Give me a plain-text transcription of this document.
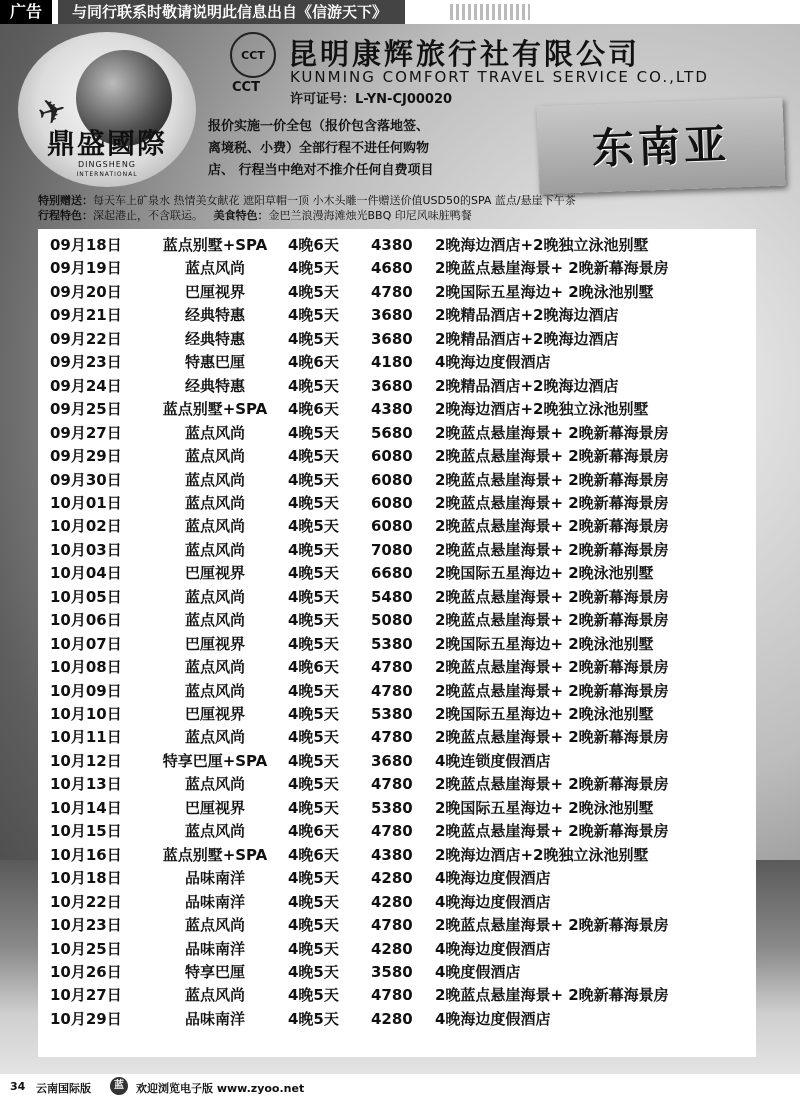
广告	与同行联系时敬请说明此信息出自《信游天下》
✈
鼎盛國際
DINGSHENG
INTERNATIONAL
CCT
CCT
昆明康辉旅行社有限公司
KUNMING COMFORT TRAVEL SERVICE CO.,LTD
许可证号：L-YN-CJ00020
报价实施一价全包（报价包含落地签、
离境税、小费）全部行程不进任何购物
店、 行程当中绝对不推介任何自费项目	东南亚
特别赠送：每天车上矿泉水 热情美女献花 遮阳草帽一顶 小木头雕一件赠送价值USD50的SPA 蓝点/悬崖下午茶
行程特色：深起港止，不含联运。 美食特色：金巴兰浪漫海滩烛光BBQ 印尼风味脏鸭餐
09月18日	蓝点别墅+SPA	4晚6天 4380 2晚海边酒店+2晚独立泳池别墅
09月19日	蓝点风尚	4晚5天 4680 2晚蓝点悬崖海景+ 2晚新幕海景房
09月20日	巴厘视界	4晚5天 4780 2晚国际五星海边+ 2晚泳池别墅
09月21日	经典特惠	4晚5天 3680 2晚精品酒店+2晚海边酒店
09月22日	经典特惠	4晚5天 3680 2晚精品酒店+2晚海边酒店
09月23日	特惠巴厘	4晚6天 4180 4晚海边度假酒店
09月24日	经典特惠	4晚5天 3680 2晚精品酒店+2晚海边酒店
09月25日	蓝点别墅+SPA	4晚6天 4380 2晚海边酒店+2晚独立泳池别墅
09月27日	蓝点风尚	4晚5天 5680 2晚蓝点悬崖海景+ 2晚新幕海景房
09月29日	蓝点风尚	4晚5天 6080 2晚蓝点悬崖海景+ 2晚新幕海景房
09月30日	蓝点风尚	4晚5天 6080 2晚蓝点悬崖海景+ 2晚新幕海景房
10月01日	蓝点风尚	4晚5天 6080 2晚蓝点悬崖海景+ 2晚新幕海景房
10月02日	蓝点风尚	4晚5天 6080 2晚蓝点悬崖海景+ 2晚新幕海景房
10月03日	蓝点风尚	4晚5天 7080 2晚蓝点悬崖海景+ 2晚新幕海景房
10月04日	巴厘视界	4晚5天 6680 2晚国际五星海边+ 2晚泳池别墅
10月05日	蓝点风尚	4晚5天 5480 2晚蓝点悬崖海景+ 2晚新幕海景房
10月06日	蓝点风尚	4晚5天 5080 2晚蓝点悬崖海景+ 2晚新幕海景房
10月07日	巴厘视界	4晚5天 5380 2晚国际五星海边+ 2晚泳池别墅
10月08日	蓝点风尚	4晚6天 4780 2晚蓝点悬崖海景+ 2晚新幕海景房
10月09日	蓝点风尚	4晚5天 4780 2晚蓝点悬崖海景+ 2晚新幕海景房
10月10日	巴厘视界	4晚5天 5380 2晚国际五星海边+ 2晚泳池别墅
10月11日	蓝点风尚	4晚5天 4780 2晚蓝点悬崖海景+ 2晚新幕海景房
10月12日	特享巴厘+SPA	4晚5天 3680 4晚连锁度假酒店
10月13日	蓝点风尚	4晚5天 4780 2晚蓝点悬崖海景+ 2晚新幕海景房
10月14日	巴厘视界	4晚5天 5380 2晚国际五星海边+ 2晚泳池别墅
10月15日	蓝点风尚	4晚6天 4780 2晚蓝点悬崖海景+ 2晚新幕海景房
10月16日	蓝点别墅+SPA	4晚6天 4380 2晚海边酒店+2晚独立泳池别墅
10月18日	品味南洋	4晚5天 4280 4晚海边度假酒店
10月22日	品味南洋	4晚5天 4280 4晚海边度假酒店
10月23日	蓝点风尚	4晚5天 4780 2晚蓝点悬崖海景+ 2晚新幕海景房
10月25日	品味南洋	4晚5天 4280 4晚海边度假酒店
10月26日	特享巴厘	4晚5天 3580 4晚度假酒店
10月27日	蓝点风尚	4晚5天 4780 2晚蓝点悬崖海景+ 2晚新幕海景房
10月29日	品味南洋	4晚5天 4280 4晚海边度假酒店
34 云南国际版	蓝	欢迎浏览电子版 www.zyoo.net
